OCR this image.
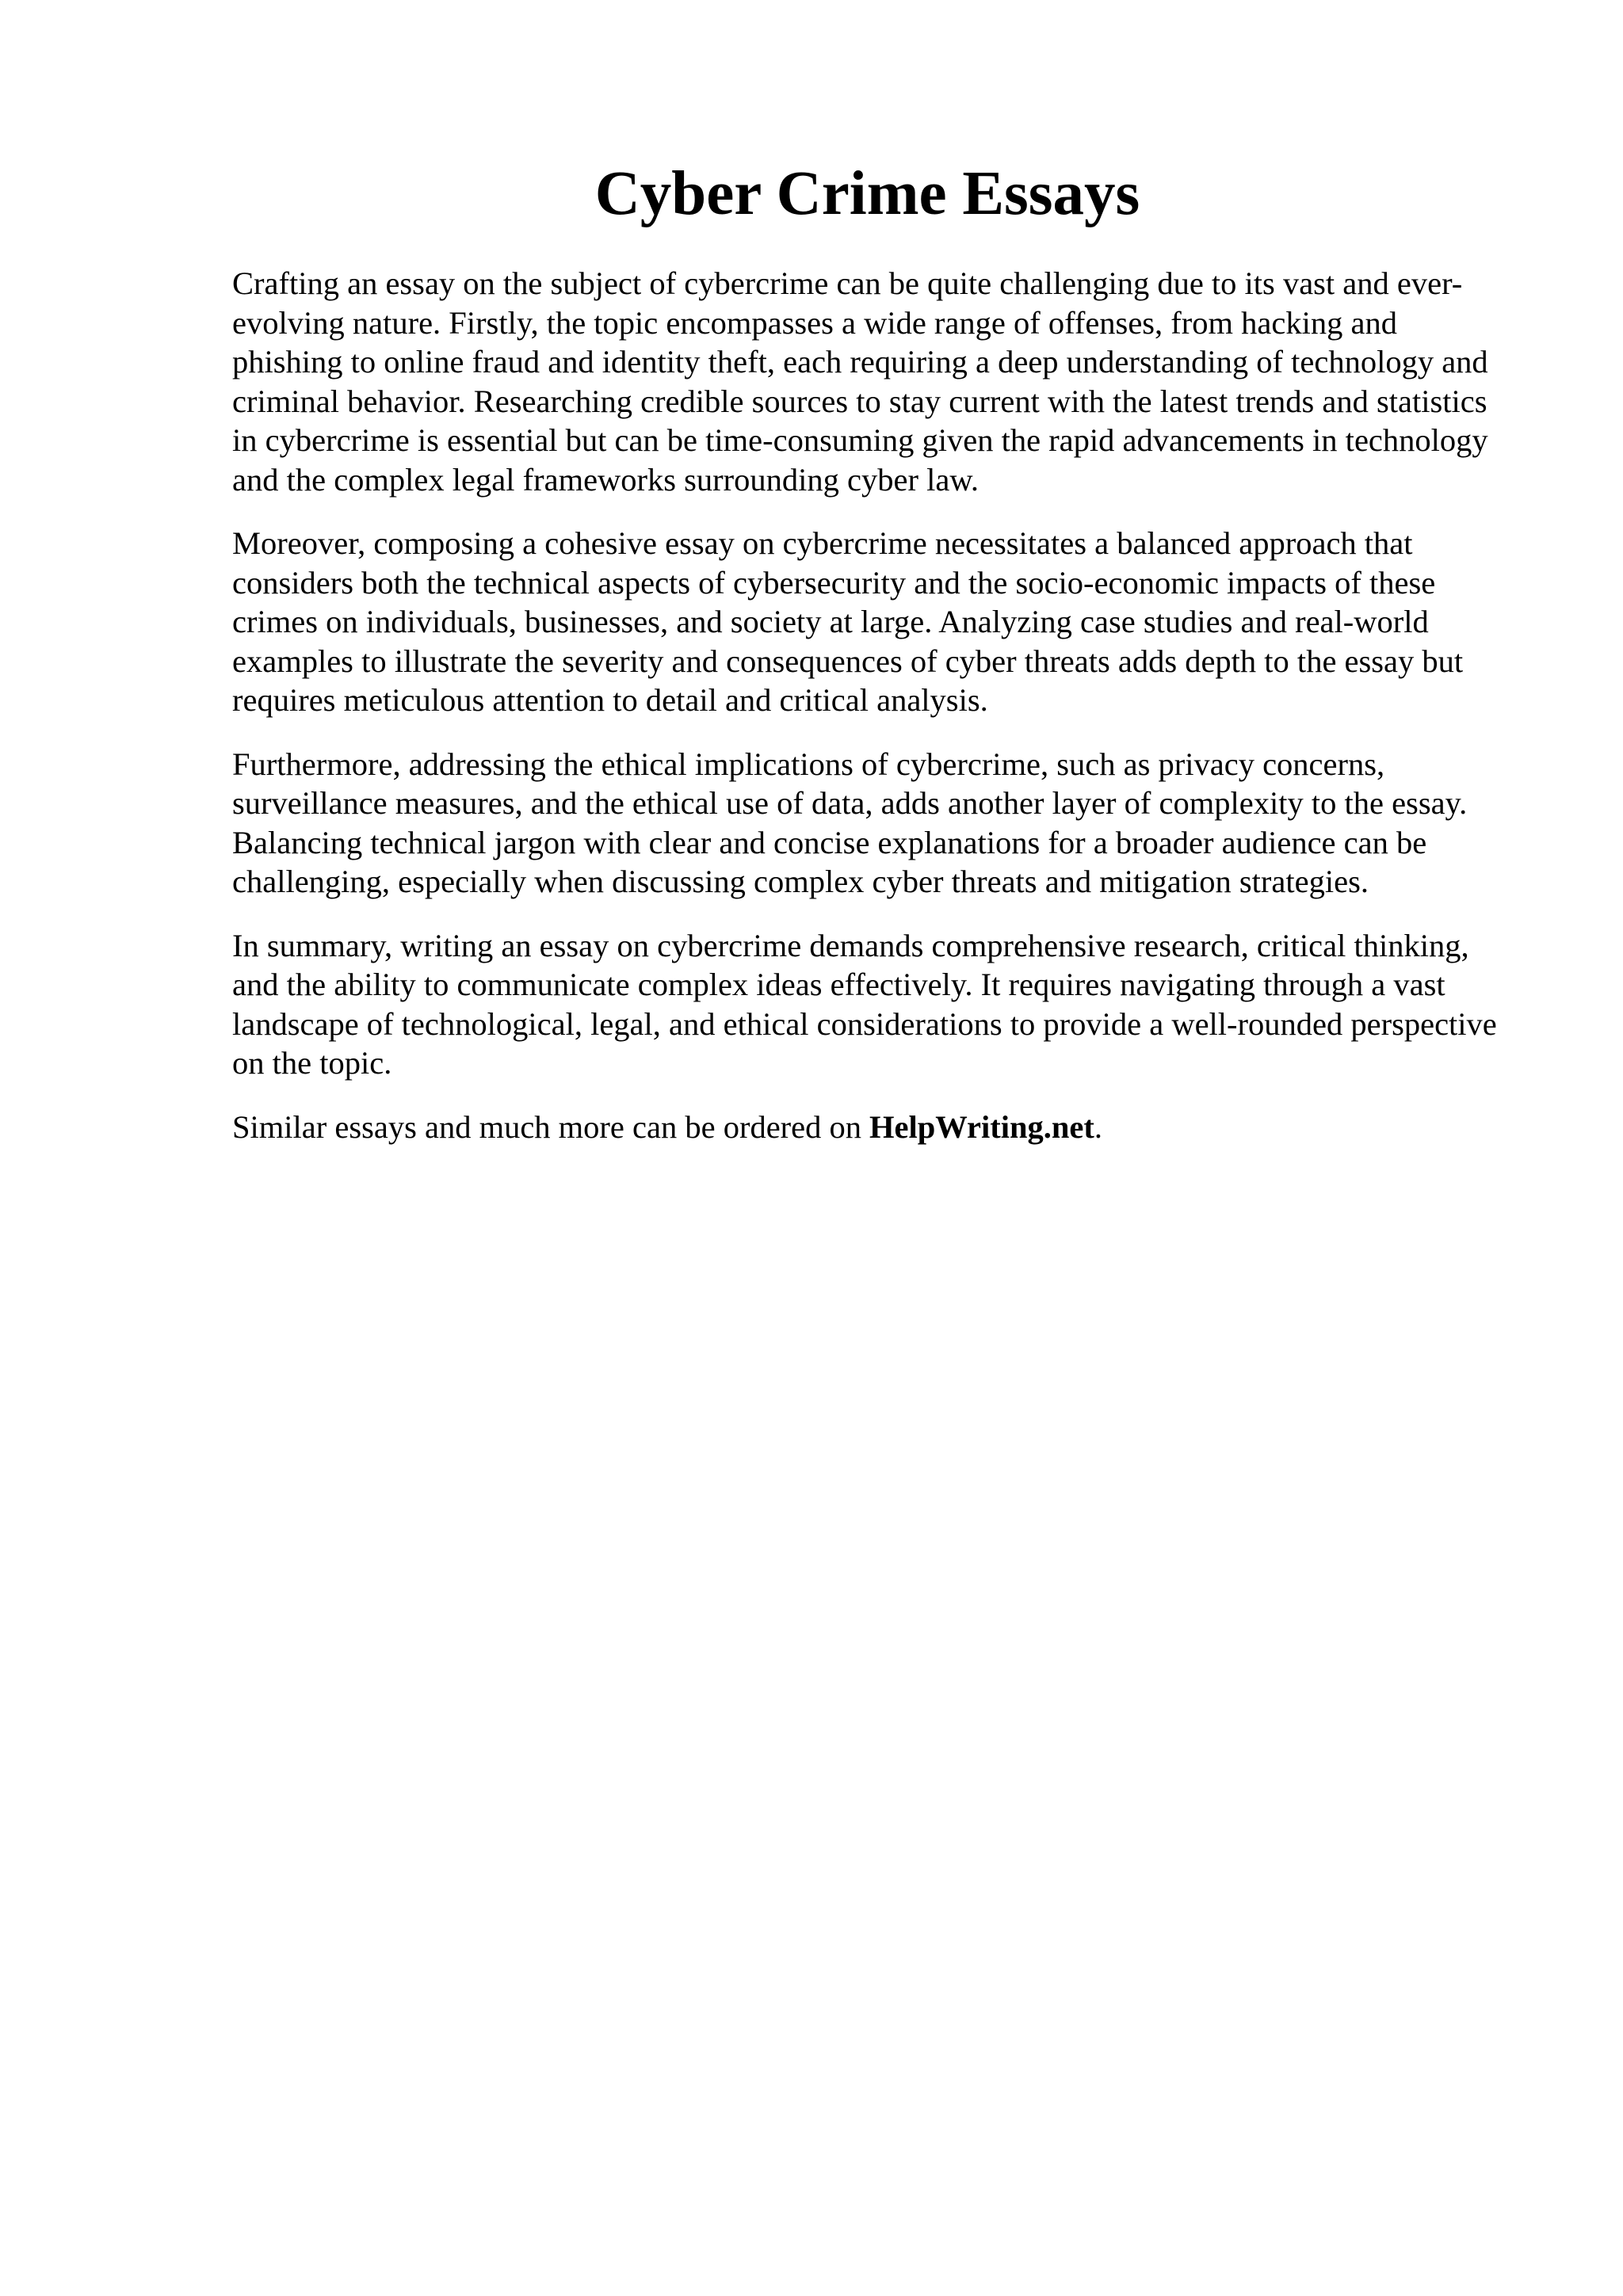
Cyber Crime Essays

Crafting an essay on the subject of cybercrime can be quite challenging due to its vast and ever-evolving nature. Firstly, the topic encompasses a wide range of offenses, from hacking and phishing to online fraud and identity theft, each requiring a deep understanding of technology and criminal behavior. Researching credible sources to stay current with the latest trends and statistics in cybercrime is essential but can be time-consuming given the rapid advancements in technology and the complex legal frameworks surrounding cyber law.

Moreover, composing a cohesive essay on cybercrime necessitates a balanced approach that considers both the technical aspects of cybersecurity and the socio-economic impacts of these crimes on individuals, businesses, and society at large. Analyzing case studies and real-world examples to illustrate the severity and consequences of cyber threats adds depth to the essay but requires meticulous attention to detail and critical analysis.

Furthermore, addressing the ethical implications of cybercrime, such as privacy concerns, surveillance measures, and the ethical use of data, adds another layer of complexity to the essay. Balancing technical jargon with clear and concise explanations for a broader audience can be challenging, especially when discussing complex cyber threats and mitigation strategies.

In summary, writing an essay on cybercrime demands comprehensive research, critical thinking, and the ability to communicate complex ideas effectively. It requires navigating through a vast landscape of technological, legal, and ethical considerations to provide a well-rounded perspective on the topic.

Similar essays and much more can be ordered on HelpWriting.net.
